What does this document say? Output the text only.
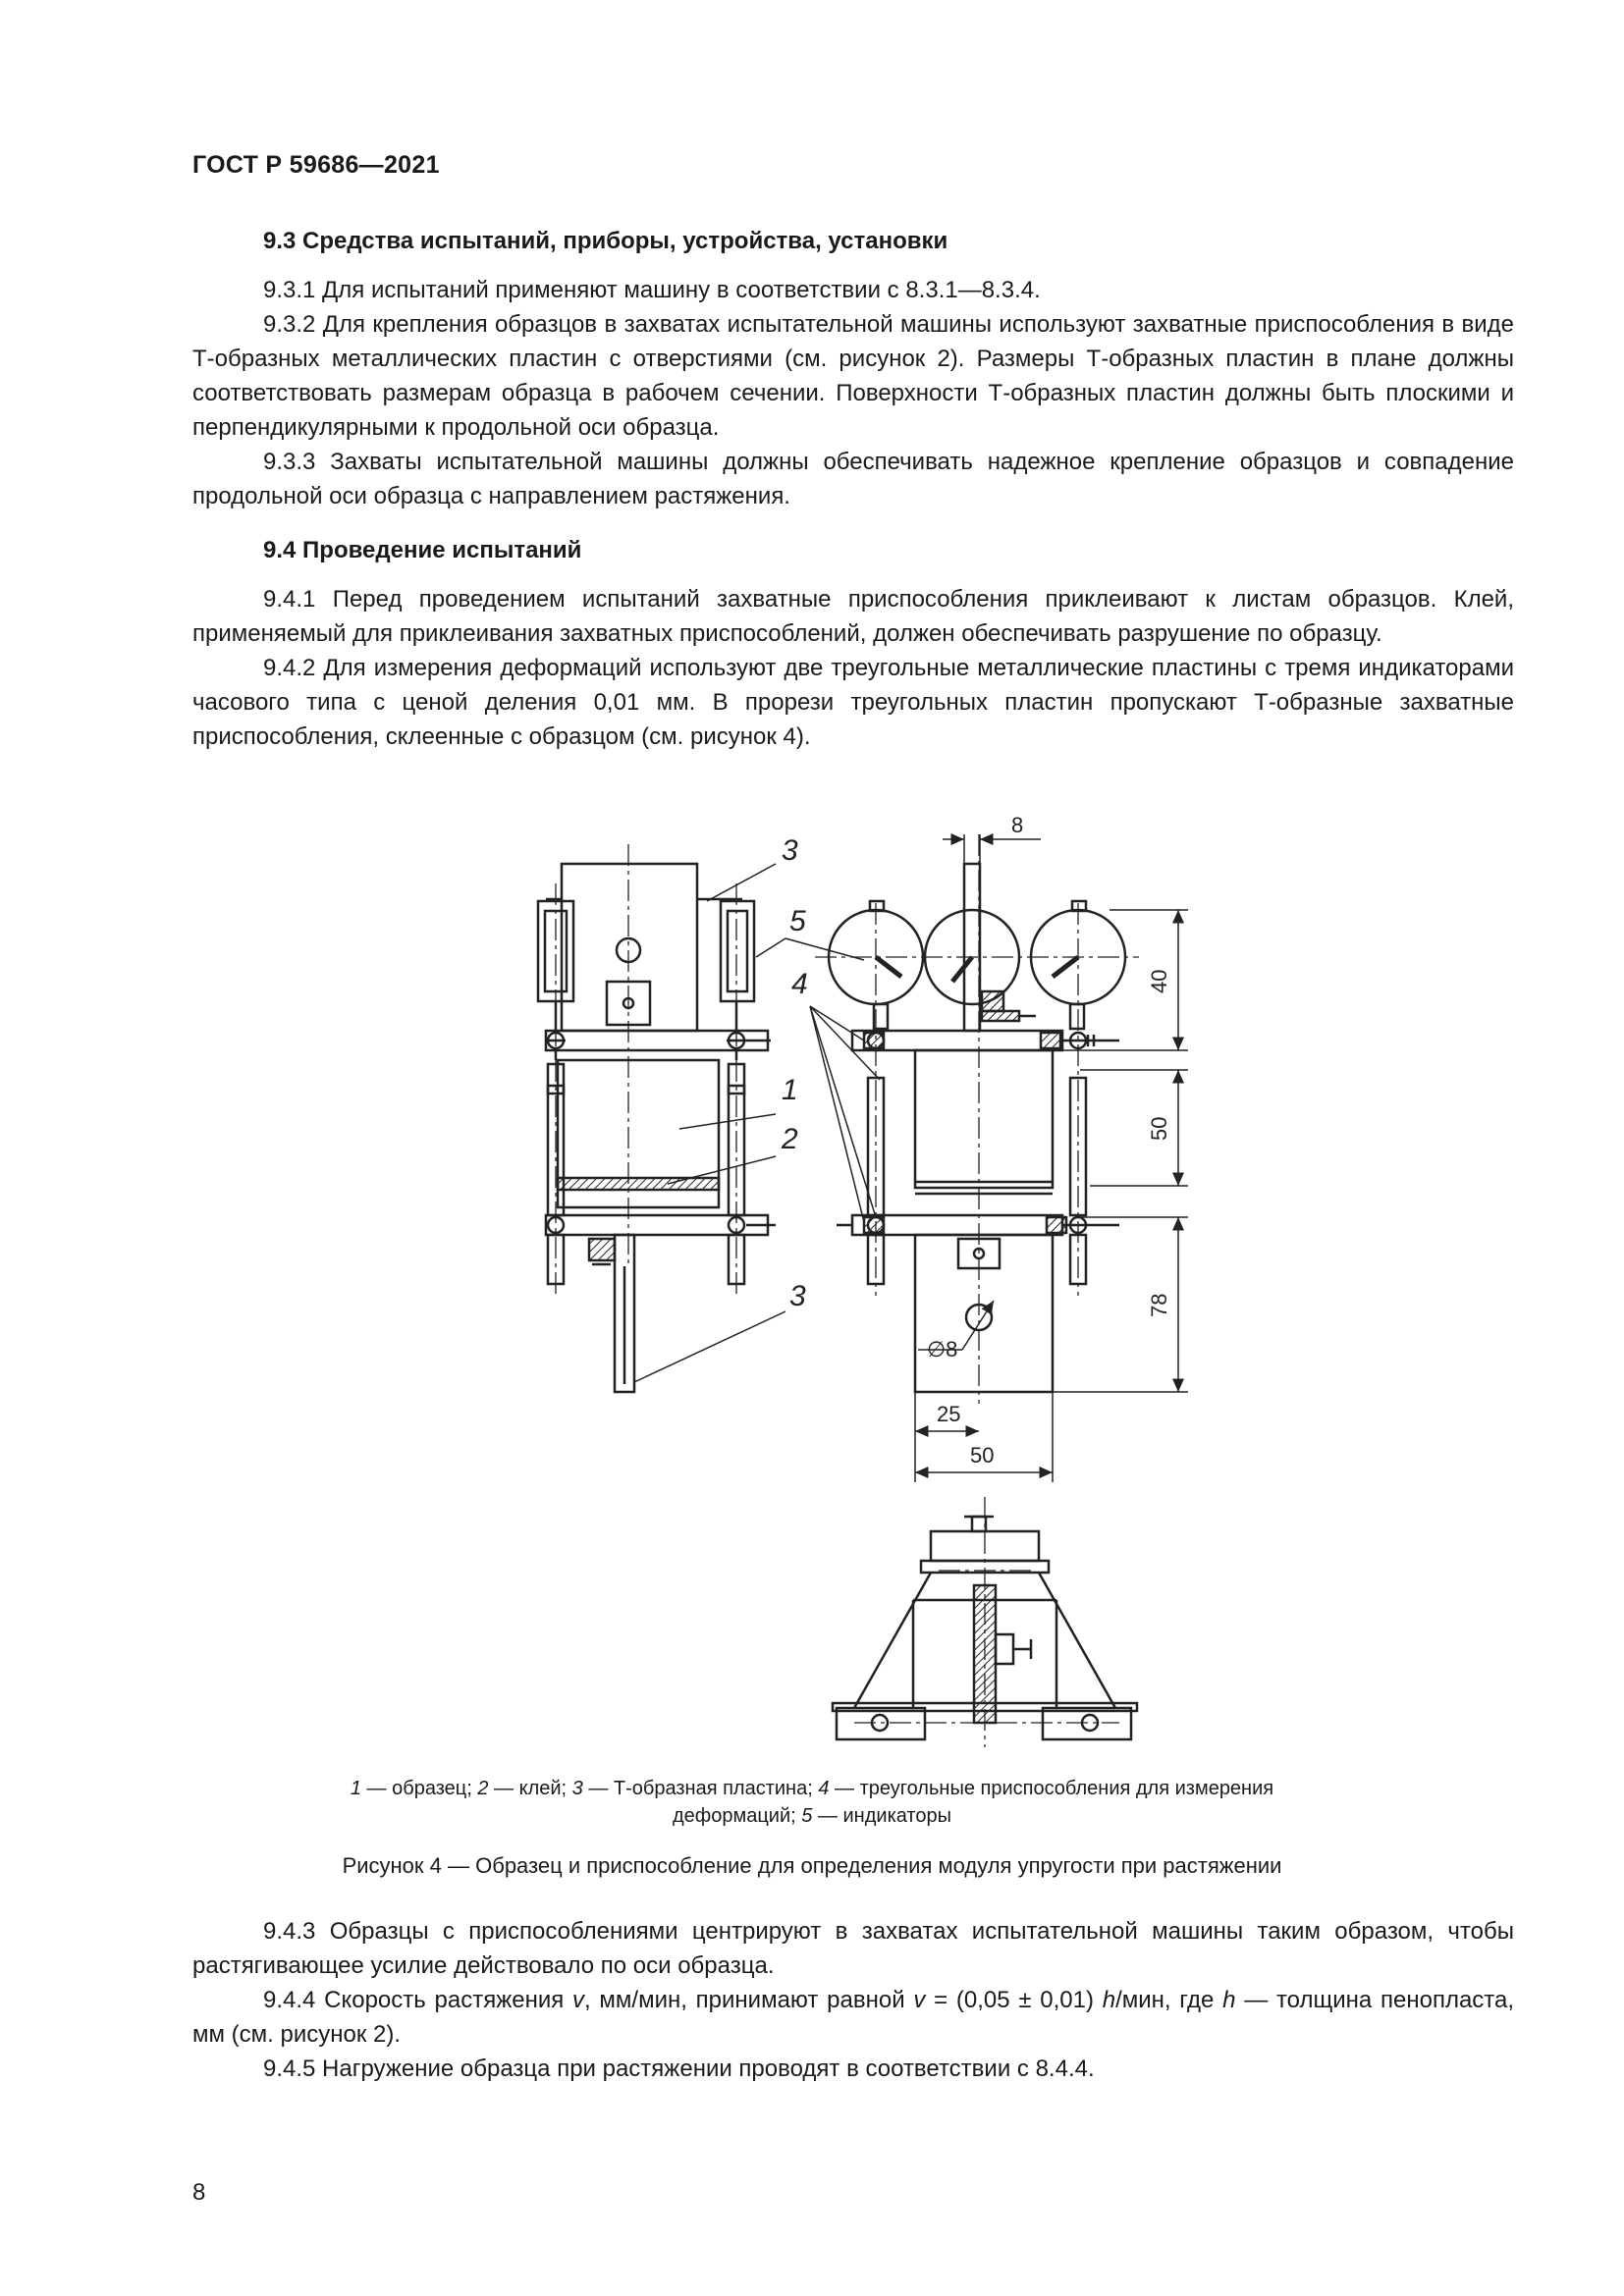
ГОСТ Р 59686—2021
9.3 Средства испытаний, приборы, устройства, установки

9.3.1 Для испытаний применяют машину в соответствии с 8.3.1—8.3.4.

9.3.2 Для крепления образцов в захватах испытательной машины используют захватные приспособления в виде Т-образных металлических пластин с отверстиями (см. рисунок 2). Размеры Т-образных пластин в плане должны соответствовать размерам образца в рабочем сечении. Поверхности Т-образных пластин должны быть плоскими и перпендикулярными к продольной оси образца.

9.3.3 Захваты испытательной машины должны обеспечивать надежное крепление образцов и совпадение продольной оси образца с направлением растяжения.

9.4 Проведение испытаний

9.4.1 Перед проведением испытаний захватные приспособления приклеивают к листам образцов. Клей, применяемый для приклеивания захватных приспособлений, должен обеспечивать разрушение по образцу.

9.4.2 Для измерения деформаций используют две треугольные металлические пластины с тремя индикаторами часового типа с ценой деления 0,01 мм. В прорези треугольных пластин пропускают Т-образные захватные приспособления, склеенные с образцом (см. рисунок 4).

3
5
4
1
2
3
8
40
50
78
∅8
25
50
1 — образец; 2 — клей; 3 — Т-образная пластина; 4 — треугольные приспособления для измерения деформаций; 5 — индикаторы
Рисунок 4 — Образец и приспособление для определения модуля упругости при растяжении

9.4.3 Образцы с приспособлениями центрируют в захватах испытательной машины таким образом, чтобы растягивающее усилие действовало по оси образца.

9.4.4 Скорость растяжения v, мм/мин, принимают равной v = (0,05 ± 0,01) h/мин, где h — толщина пенопласта, мм (см. рисунок 2).

9.4.5 Нагружение образца при растяжении проводят в соответствии с 8.4.4.

8
